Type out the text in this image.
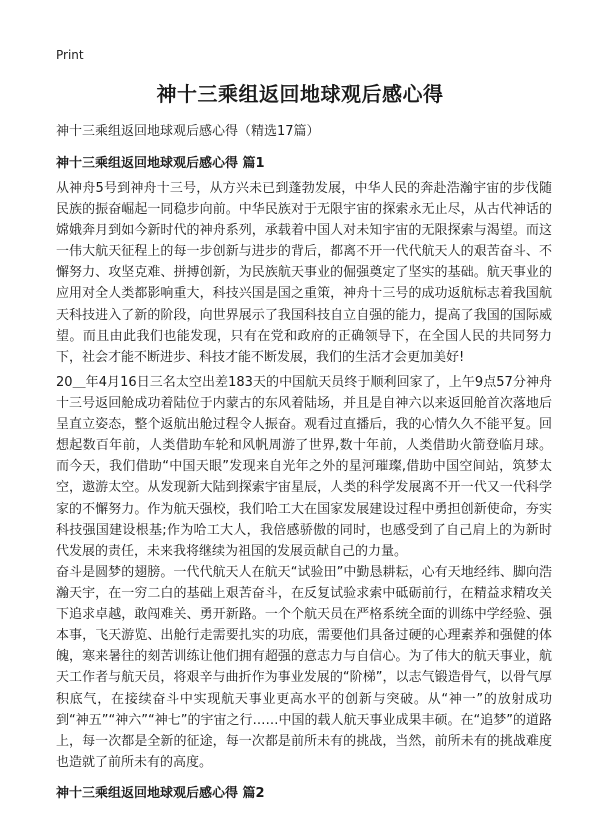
Print
神十三乘组返回地球观后感心得
神十三乘组返回地球观后感心得（精选17篇）
神十三乘组返回地球观后感心得 篇1
从神舟5号到神舟十三号，从方兴未已到蓬勃发展，中华人民的奔赴浩瀚宇宙的步伐随民族的振奋崛起一同稳步向前。中华民族对于无限宇宙的探索永无止尽，从古代神话的嫦娥奔月到如今新时代的神舟系列，承载着中国人对未知宇宙的无限探索与渴望。而这一伟大航天征程上的每一步创新与进步的背后，都离不开一代代航天人的艰苦奋斗、不懈努力、攻坚克难、拼搏创新，为民族航天事业的倔强奠定了坚实的基础。航天事业的应用对全人类都影响重大，科技兴国是国之重策，神舟十三号的成功返航标志着我国航天科技进入了新的阶段，向世界展示了我国科技自立自强的能力，提高了我国的国际威望。而且由此我们也能发现，只有在党和政府的正确领导下，在全国人民的共同努力下，社会才能不断进步、科技才能不断发展，我们的生活才会更加美好!
20＿年4月16日三名太空出差183天的中国航天员终于顺利回家了，上午9点57分神舟十三号返回舱成功着陆位于内蒙古的东风着陆场，并且是自神六以来返回舱首次落地后呈直立姿态，整个返航出舱过程令人振奋。观看过直播后，我的心情久久不能平复。回想起数百年前，人类借助车轮和风帆周游了世界,数十年前，人类借助火箭登临月球。而今天，我们借助“中国天眼”发现来自光年之外的星河璀璨,借助中国空间站，筑梦太空，遨游太空。从发现新大陆到探索宇宙星辰，人类的科学发展离不开一代又一代科学家的不懈努力。作为航天强校，我们哈工大在国家发展建设过程中勇担创新使命，夯实科技强国建设根基;作为哈工大人，我倍感骄傲的同时，也感受到了自己肩上的为新时代发展的责任，未来我将继续为祖国的发展贡献自己的力量。
奋斗是圆梦的翅膀。一代代航天人在航天“试验田”中勤恳耕耘，心有天地经纬、脚向浩瀚天宇，在一穷二白的基础上艰苦奋斗，在反复试验求索中砥砺前行，在精益求精攻关下追求卓越，敢闯难关、勇开新路。一个个航天员在严格系统全面的训练中学经验、强本事，飞天游览、出舱行走需要扎实的功底，需要他们具备过硬的心理素养和强健的体魄，寒来暑往的刻苦训练让他们拥有超强的意志力与自信心。为了伟大的航天事业，航天工作者与航天员，将艰辛与曲折作为事业发展的“阶梯”，以志气锻造骨气，以骨气厚积底气，在接续奋斗中实现航天事业更高水平的创新与突破。从“神一”的放射成功到“神五”“神六”“神七”的宇宙之行……中国的载人航天事业成果丰硕。在“追梦”的道路上，每一次都是全新的征途，每一次都是前所未有的挑战，当然，前所未有的挑战难度也造就了前所未有的高度。
神十三乘组返回地球观后感心得 篇2
